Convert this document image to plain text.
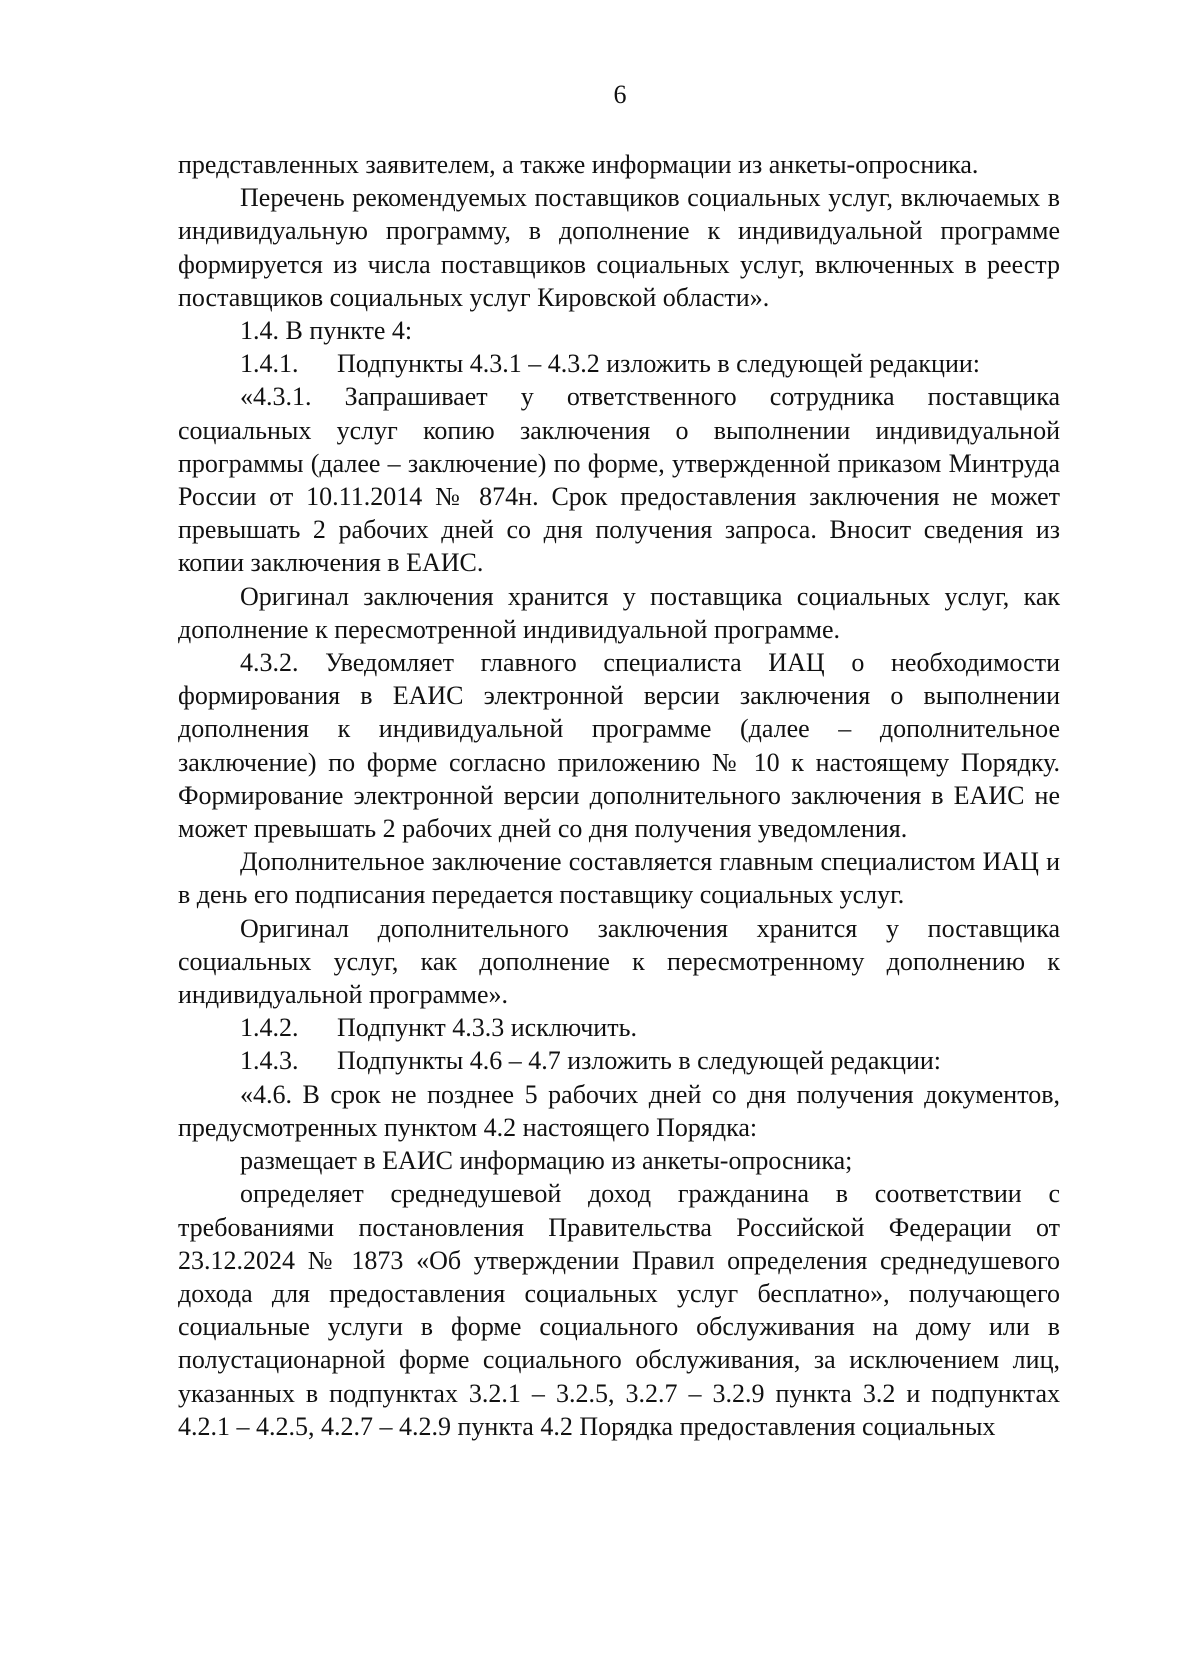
6

представленных заявителем, а также информации из анкеты-опросника.

Перечень рекомендуемых поставщиков социальных услуг, включаемых в индивидуальную программу, в дополнение к индивидуальной программе формируется из числа поставщиков социальных услуг, включенных в реестр поставщиков социальных услуг Кировской области».

1.4. В пункте 4:

1.4.1. Подпункты 4.3.1 – 4.3.2 изложить в следующей редакции:

«4.3.1. Запрашивает у ответственного сотрудника поставщика социальных услуг копию заключения о выполнении индивидуальной программы (далее – заключение) по форме, утвержденной приказом Минтруда России от 10.11.2014 № 874н. Срок предоставления заключения не может превышать 2 рабочих дней со дня получения запроса. Вносит сведения из копии заключения в ЕАИС.

Оригинал заключения хранится у поставщика социальных услуг, как дополнение к пересмотренной индивидуальной программе.

4.3.2. Уведомляет главного специалиста ИАЦ о необходимости формирования в ЕАИС электронной версии заключения о выполнении дополнения к индивидуальной программе (далее – дополнительное заключение) по форме согласно приложению № 10 к настоящему Порядку. Формирование электронной версии дополнительного заключения в ЕАИС не может превышать 2 рабочих дней со дня получения уведомления.

Дополнительное заключение составляется главным специалистом ИАЦ и в день его подписания передается поставщику социальных услуг.

Оригинал дополнительного заключения хранится у поставщика социальных услуг, как дополнение к пересмотренному дополнению к индивидуальной программе».

1.4.2. Подпункт 4.3.3 исключить.

1.4.3. Подпункты 4.6 – 4.7 изложить в следующей редакции:

«4.6. В срок не позднее 5 рабочих дней со дня получения документов, предусмотренных пунктом 4.2 настоящего Порядка:

размещает в ЕАИС информацию из анкеты-опросника;

определяет среднедушевой доход гражданина в соответствии с требованиями постановления Правительства Российской Федерации от 23.12.2024 № 1873 «Об утверждении Правил определения среднедушевого дохода для предоставления социальных услуг бесплатно», получающего социальные услуги в форме социального обслуживания на дому или в полустационарной форме социального обслуживания, за исключением лиц, указанных в подпунктах 3.2.1 – 3.2.5, 3.2.7 – 3.2.9 пункта 3.2 и подпунктах 4.2.1 – 4.2.5, 4.2.7 – 4.2.9 пункта 4.2 Порядка предоставления социальных
